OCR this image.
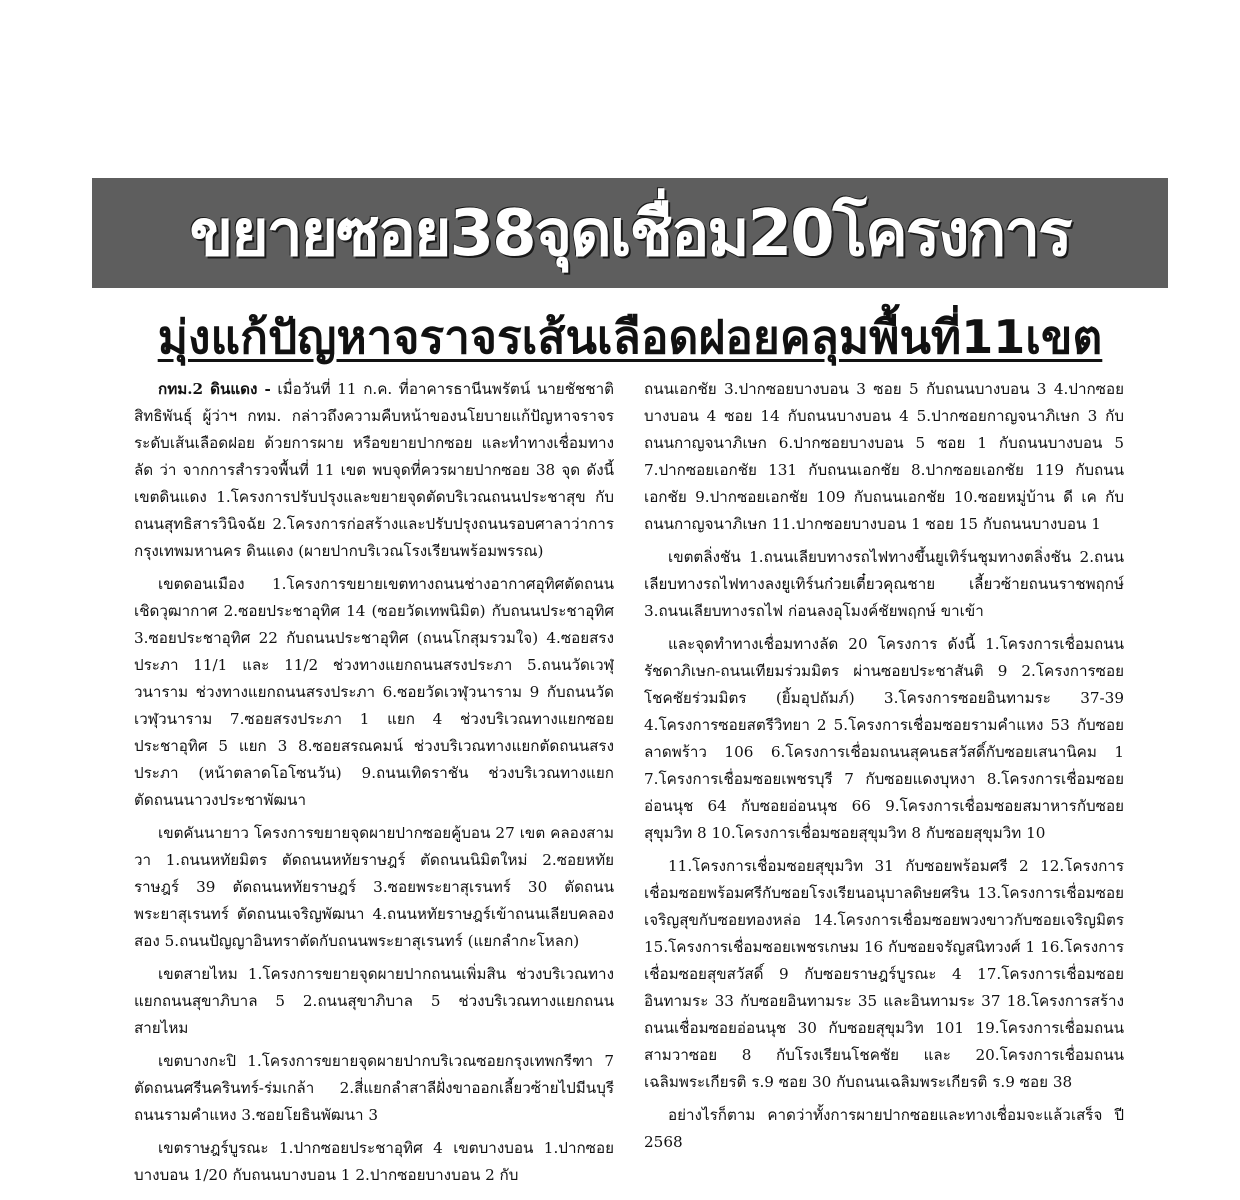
ขยายซอย38จุดเชื่อม20โครงการ
มุ่งแก้ปัญหาจราจรเส้นเลือดฝอยคลุมพื้นที่11เขต

กทม.2 ดินแดง - เมื่อวันที่ 11 ก.ค. ที่อาคารธานีนพรัตน์ นายชัชชาติ สิทธิพันธุ์ ผู้ว่าฯ กทม. กล่าวถึงความคืบหน้าของนโยบายแก้ปัญหาจราจรระดับเส้นเลือดฝอย ด้วยการผาย หรือขยายปากซอย และทำทางเชื่อมทางลัด ว่า จากการสำรวจพื้นที่ 11 เขต พบจุดที่ควรผายปากซอย 38 จุด ดังนี้ เขตดินแดง 1.โครงการปรับปรุงและขยายจุดตัดบริเวณถนนประชาสุข กับถนนสุทธิสารวินิจฉัย 2.โครงการก่อสร้างและปรับปรุงถนนรอบศาลาว่าการกรุงเทพมหานคร ดินแดง (ผายปากบริเวณโรงเรียนพร้อมพรรณ)

เขตดอนเมือง 1.โครงการขยายเขตทางถนนช่างอากาศอุทิศตัดถนนเชิดวุฒากาศ 2.ซอยประชาอุทิศ 14 (ซอยวัดเทพนิมิต) กับถนนประชาอุทิศ 3.ซอยประชาอุทิศ 22 กับถนนประชาอุทิศ (ถนนโกสุมรวมใจ) 4.ซอยสรงประภา 11/1 และ 11/2 ช่วงทางแยกถนนสรงประภา 5.ถนนวัดเวฬุวนาราม ช่วงทางแยกถนนสรงประภา 6.ซอยวัดเวฬุวนาราม 9 กับถนนวัดเวฬุวนาราม 7.ซอยสรงประภา 1 แยก 4 ช่วงบริเวณทางแยกซอยประชาอุทิศ 5 แยก 3 8.ซอยสรณคมน์ ช่วงบริเวณทางแยกตัดถนนสรงประภา (หน้าตลาดโอโซนวัน) 9.ถนนเทิดราชัน ช่วงบริเวณทางแยกตัดถนนนาวงประชาพัฒนา

เขตคันนายาว โครงการขยายจุดผายปากซอยคู้บอน 27 เขต คลองสามวา 1.ถนนหทัยมิตร ตัดถนนหทัยราษฎร์ ตัดถนนนิมิตใหม่ 2.ซอยหทัยราษฎร์ 39 ตัดถนนหทัยราษฎร์ 3.ซอยพระยาสุเรนทร์ 30 ตัดถนนพระยาสุเรนทร์ ตัดถนนเจริญพัฒนา 4.ถนนหทัยราษฎร์เข้าถนนเลียบคลองสอง 5.ถนนปัญญาอินทราตัดกับถนนพระยาสุเรนทร์ (แยกลำกะโหลก)

เขตสายไหม 1.โครงการขยายจุดผายปากถนนเพิ่มสิน ช่วงบริเวณทางแยกถนนสุขาภิบาล 5 2.ถนนสุขาภิบาล 5 ช่วงบริเวณทางแยกถนนสายไหม

เขตบางกะปิ 1.โครงการขยายจุดผายปากบริเวณซอยกรุงเทพกรีฑา 7 ตัดถนนศรีนครินทร์-ร่มเกล้า 2.สี่แยกลำสาลีฝั่งขาออกเลี้ยวซ้ายไปมีนบุรี ถนนรามคำแหง 3.ซอยโยธินพัฒนา 3

เขตราษฎร์บูรณะ 1.ปากซอยประชาอุทิศ 4 เขตบางบอน 1.ปากซอยบางบอน 1/20 กับถนนบางบอน 1 2.ปากซอยบางบอน 2 กับ

ถนนเอกชัย 3.ปากซอยบางบอน 3 ซอย 5 กับถนนบางบอน 3 4.ปากซอยบางบอน 4 ซอย 14 กับถนนบางบอน 4 5.ปากซอยกาญจนาภิเษก 3 กับถนนกาญจนาภิเษก 6.ปากซอยบางบอน 5 ซอย 1 กับถนนบางบอน 5 7.ปากซอยเอกชัย 131 กับถนนเอกชัย 8.ปากซอยเอกชัย 119 กับถนนเอกชัย 9.ปากซอยเอกชัย 109 กับถนนเอกชัย 10.ซอยหมู่บ้าน ดี เค กับถนนกาญจนาภิเษก 11.ปากซอยบางบอน 1 ซอย 15 กับถนนบางบอน 1

เขตตลิ่งชัน 1.ถนนเลียบทางรถไฟทางขึ้นยูเทิร์นชุมทางตลิ่งชัน 2.ถนนเลียบทางรถไฟทางลงยูเทิร์นก๋วยเตี๋ยวคุณชาย เลี้ยวซ้ายถนนราชพฤกษ์ 3.ถนนเลียบทางรถไฟ ก่อนลงอุโมงค์ชัยพฤกษ์ ขาเข้า

และจุดทำทางเชื่อมทางลัด 20 โครงการ ดังนี้ 1.โครงการเชื่อมถนนรัชดาภิเษก-ถนนเทียมร่วมมิตร ผ่านซอยประชาสันติ 9 2.โครงการซอยโชคชัยร่วมมิตร (ยิ้มอุปถัมภ์) 3.โครงการซอยอินทามระ 37-39 4.โครงการซอยสตรีวิทยา 2 5.โครงการเชื่อมซอยรามคำแหง 53 กับซอยลาดพร้าว 106 6.โครงการเชื่อมถนนสุคนธสวัสดิ์กับซอยเสนานิคม 1 7.โครงการเชื่อมซอยเพชรบุรี 7 กับซอยแดงบุหงา 8.โครงการเชื่อมซอยอ่อนนุช 64 กับซอยอ่อนนุช 66 9.โครงการเชื่อมซอยสมาหารกับซอยสุขุมวิท 8 10.โครงการเชื่อมซอยสุขุมวิท 8 กับซอยสุขุมวิท 10

11.โครงการเชื่อมซอยสุขุมวิท 31 กับซอยพร้อมศรี 2 12.โครงการเชื่อมซอยพร้อมศรีกับซอยโรงเรียนอนุบาลดิษยศริน 13.โครงการเชื่อมซอยเจริญสุขกับซอยทองหล่อ 14.โครงการเชื่อมซอยพวงขาวกับซอยเจริญมิตร 15.โครงการเชื่อมซอยเพชรเกษม 16 กับซอยจรัญสนิทวงศ์ 1 16.โครงการเชื่อมซอยสุขสวัสดิ์ 9 กับซอยราษฎร์บูรณะ 4 17.โครงการเชื่อมซอยอินทามระ 33 กับซอยอินทามระ 35 และอินทามระ 37 18.โครงการสร้างถนนเชื่อมซอยอ่อนนุช 30 กับซอยสุขุมวิท 101 19.โครงการเชื่อมถนนสามวาซอย 8 กับโรงเรียนโชคชัย และ 20.โครงการเชื่อมถนนเฉลิมพระเกียรติ ร.9 ซอย 30 กับถนนเฉลิมพระเกียรติ ร.9 ซอย 38

อย่างไรก็ตาม คาดว่าทั้งการผายปากซอยและทางเชื่อมจะแล้วเสร็จ ปี 2568
